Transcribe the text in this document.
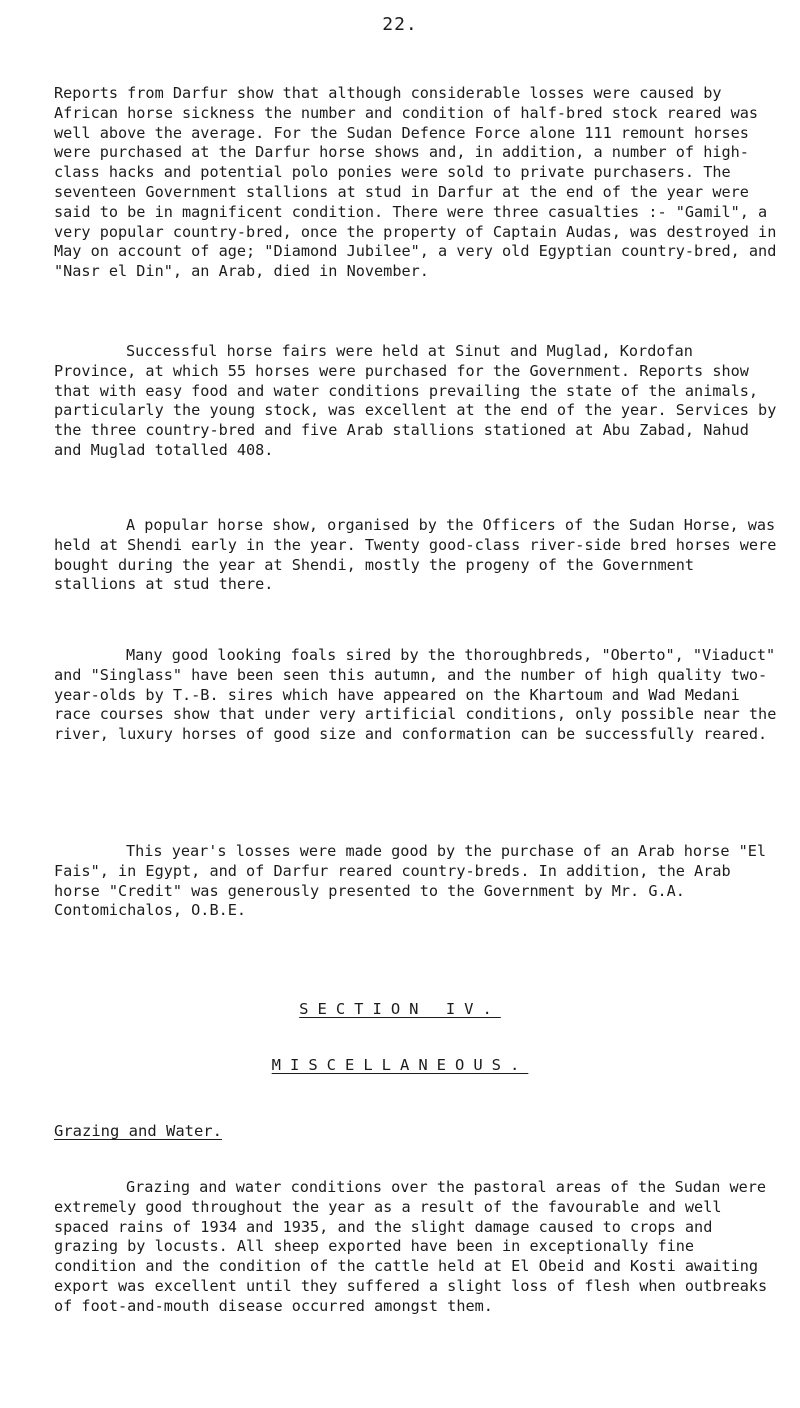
22.

Reports from Darfur show that although considerable losses were caused by African horse sickness the number and condition of half-bred stock reared was well above the average. For the Sudan Defence Force alone 111 remount horses were purchased at the Darfur horse shows and, in addition, a number of high-class hacks and potential polo ponies were sold to private purchasers. The seventeen Government stallions at stud in Darfur at the end of the year were said to be in magnificent condition. There were three casualties :- "Gamil", a very popular country-bred, once the property of Captain Audas, was destroyed in May on account of age; "Diamond Jubilee", a very old Egyptian country-bred, and "Nasr el Din", an Arab, died in November.

Successful horse fairs were held at Sinut and Muglad, Kordofan Province, at which 55 horses were purchased for the Government. Reports show that with easy food and water conditions prevailing the state of the animals, particularly the young stock, was excellent at the end of the year. Services by the three country-bred and five Arab stallions stationed at Abu Zabad, Nahud and Muglad totalled 408.

A popular horse show, organised by the Officers of the Sudan Horse, was held at Shendi early in the year. Twenty good-class river-side bred horses were bought during the year at Shendi, mostly the progeny of the Government stallions at stud there.

Many good looking foals sired by the thoroughbreds, "Oberto", "Viaduct" and "Singlass" have been seen this autumn, and the number of high quality two-year-olds by T.-B. sires which have appeared on the Khartoum and Wad Medani race courses show that under very artificial conditions, only possible near the river, luxury horses of good size and conformation can be successfully reared.

This year's losses were made good by the purchase of an Arab horse "El Fais", in Egypt, and of Darfur reared country-breds. In addition, the Arab horse "Credit" was generously presented to the Government by Mr. G.A. Contomichalos, O.B.E.

SECTION IV.
MISCELLANEOUS.
Grazing and Water.

Grazing and water conditions over the pastoral areas of the Sudan were extremely good throughout the year as a result of the favourable and well spaced rains of 1934 and 1935, and the slight damage caused to crops and grazing by locusts. All sheep exported have been in exceptionally fine condition and the condition of the cattle held at El Obeid and Kosti awaiting export was excellent until they suffered a slight loss of flesh when outbreaks of foot-and-mouth disease occurred amongst them.
